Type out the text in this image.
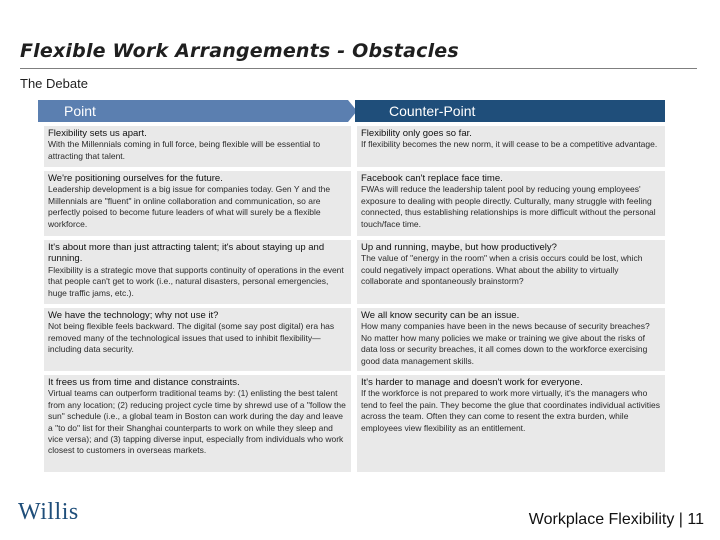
Flexible Work Arrangements - Obstacles
The Debate
Point	Counter-Point
Flexibility sets us apart.
With the Millennials coming in full force, being flexible will be essential to attracting that talent.
Flexibility only goes so far.
If flexibility becomes the new norm, it will cease to be a competitive advantage.
We're positioning ourselves for the future.
Leadership development is a big issue for companies today. Gen Y and the Millennials are "fluent" in online collaboration and communication, so are perfectly poised to become future leaders of what will surely be a flexible workforce.
Facebook can't replace face time.
FWAs will reduce the leadership talent pool by reducing young employees' exposure to dealing with people directly. Culturally, many struggle with feeling connected, thus establishing relationships is more difficult without the personal touch/face time.
It's about more than just attracting talent; it's about staying up and running.
Flexibility is a strategic move that supports continuity of operations in the event that people can't get to work (i.e., natural disasters, personal emergencies, huge traffic jams, etc.).
Up and running, maybe, but how productively?
The value of "energy in the room" when a crisis occurs could be lost, which could negatively impact operations. What about the ability to virtually collaborate and spontaneously brainstorm?
We have the technology; why not use it?
Not being flexible feels backward. The digital (some say post digital) era has removed many of the technological issues that used to inhibit flexibility—including data security.
We all know security can be an issue.
How many companies have been in the news because of security breaches? No matter how many policies we make or training we give about the risks of data loss or security breaches, it all comes down to the workforce exercising good data management skills.
It frees us from time and distance constraints.
Virtual teams can outperform traditional teams by: (1) enlisting the best talent from any location; (2) reducing project cycle time by shrewd use of a "follow the sun" schedule (i.e., a global team in Boston can work during the day and leave a "to do" list for their Shanghai counterparts to work on while they sleep and vice versa); and (3) tapping diverse input, especially from individuals who work closest to customers in overseas markets.
It's harder to manage and doesn't work for everyone.
If the workforce is not prepared to work more virtually, it's the managers who tend to feel the pain. They become the glue that coordinates individual activities across the team. Often they can come to resent the extra burden, while employees view flexibility as an entitlement.
Willis	Workplace Flexibility | 11
